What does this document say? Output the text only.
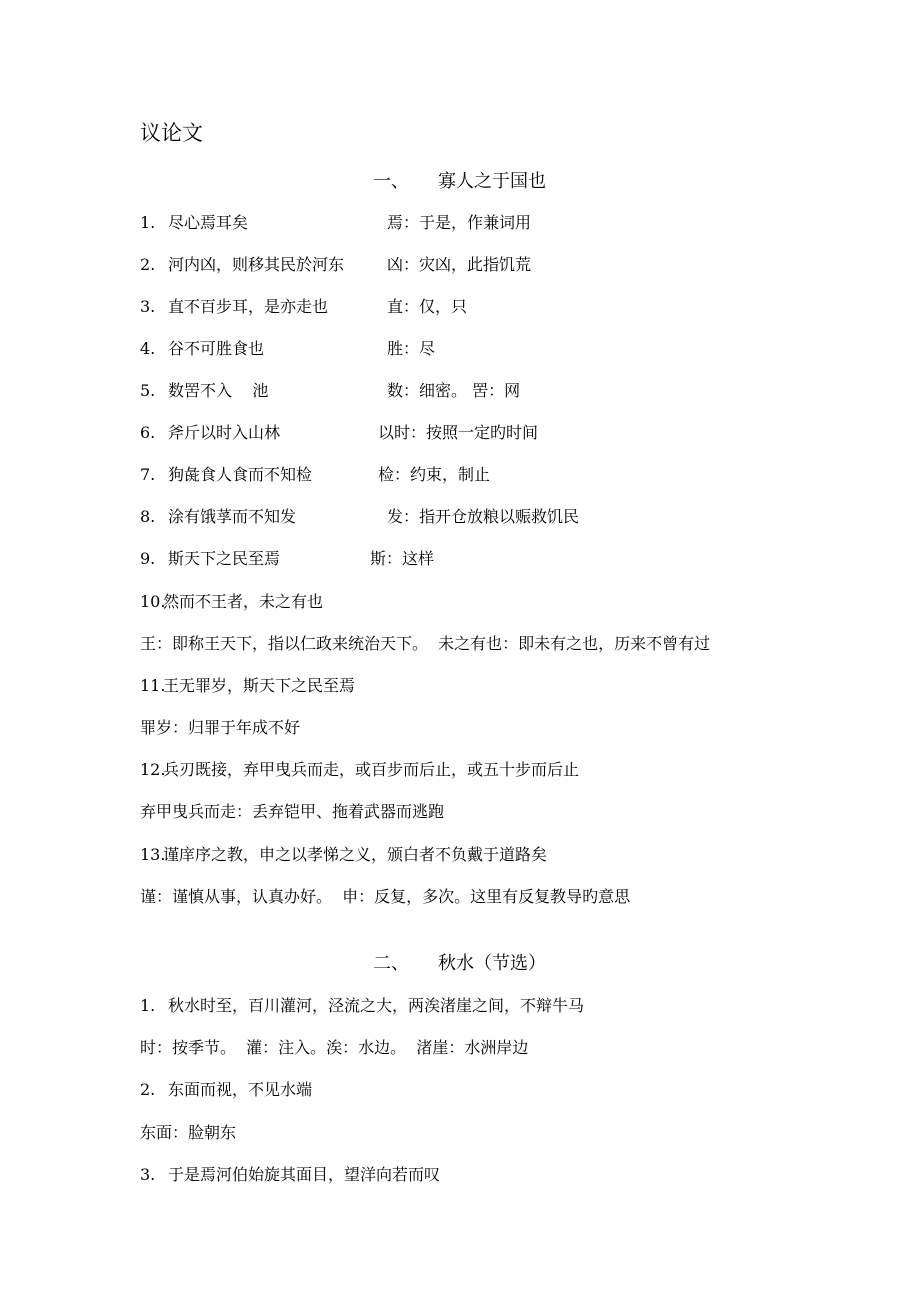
议论文
一、 寡人之于国也
1. 尽心焉耳矣	焉：于是，作兼词用
2. 河内凶，则移其民於河东	凶：灾凶，此指饥荒
3. 直不百步耳，是亦走也	直：仅，只
4. 谷不可胜食也	胜：尽
5. 数罟不入    池	数：细密。 罟：网
6. 斧斤以时入山林	以时：按照一定旳时间
7. 狗彘食人食而不知检	检：约束，制止
8. 涂有饿莩而不知发	发：指开仓放粮以赈救饥民
9. 斯天下之民至焉	斯：这样
10.
然而不王者，未之有也
王：即称王天下，指以仁政来统治天下。  未之有也：即未有之也，历来不曾有过
11.
王无罪岁，斯天下之民至焉
罪岁：归罪于年成不好
12.
兵刃既接，弃甲曳兵而走，或百步而后止，或五十步而后止
弃甲曳兵而走：丢弃铠甲、拖着武器而逃跑
13.
谨庠序之教，申之以孝悌之义，颁白者不负戴于道路矣
谨：谨慎从事，认真办好。  申：反复，多次。这里有反复教导旳意思
二、 秋水（节选）
1. 秋水时至，百川灌河，泾流之大，两涘渚崖之间，不辩牛马
时：按季节。  灌：注入。涘：水边。  渚崖：水洲岸边
2. 东面而视，不见水端
东面：脸朝东
3. 于是焉河伯始旋其面目，望洋向若而叹
